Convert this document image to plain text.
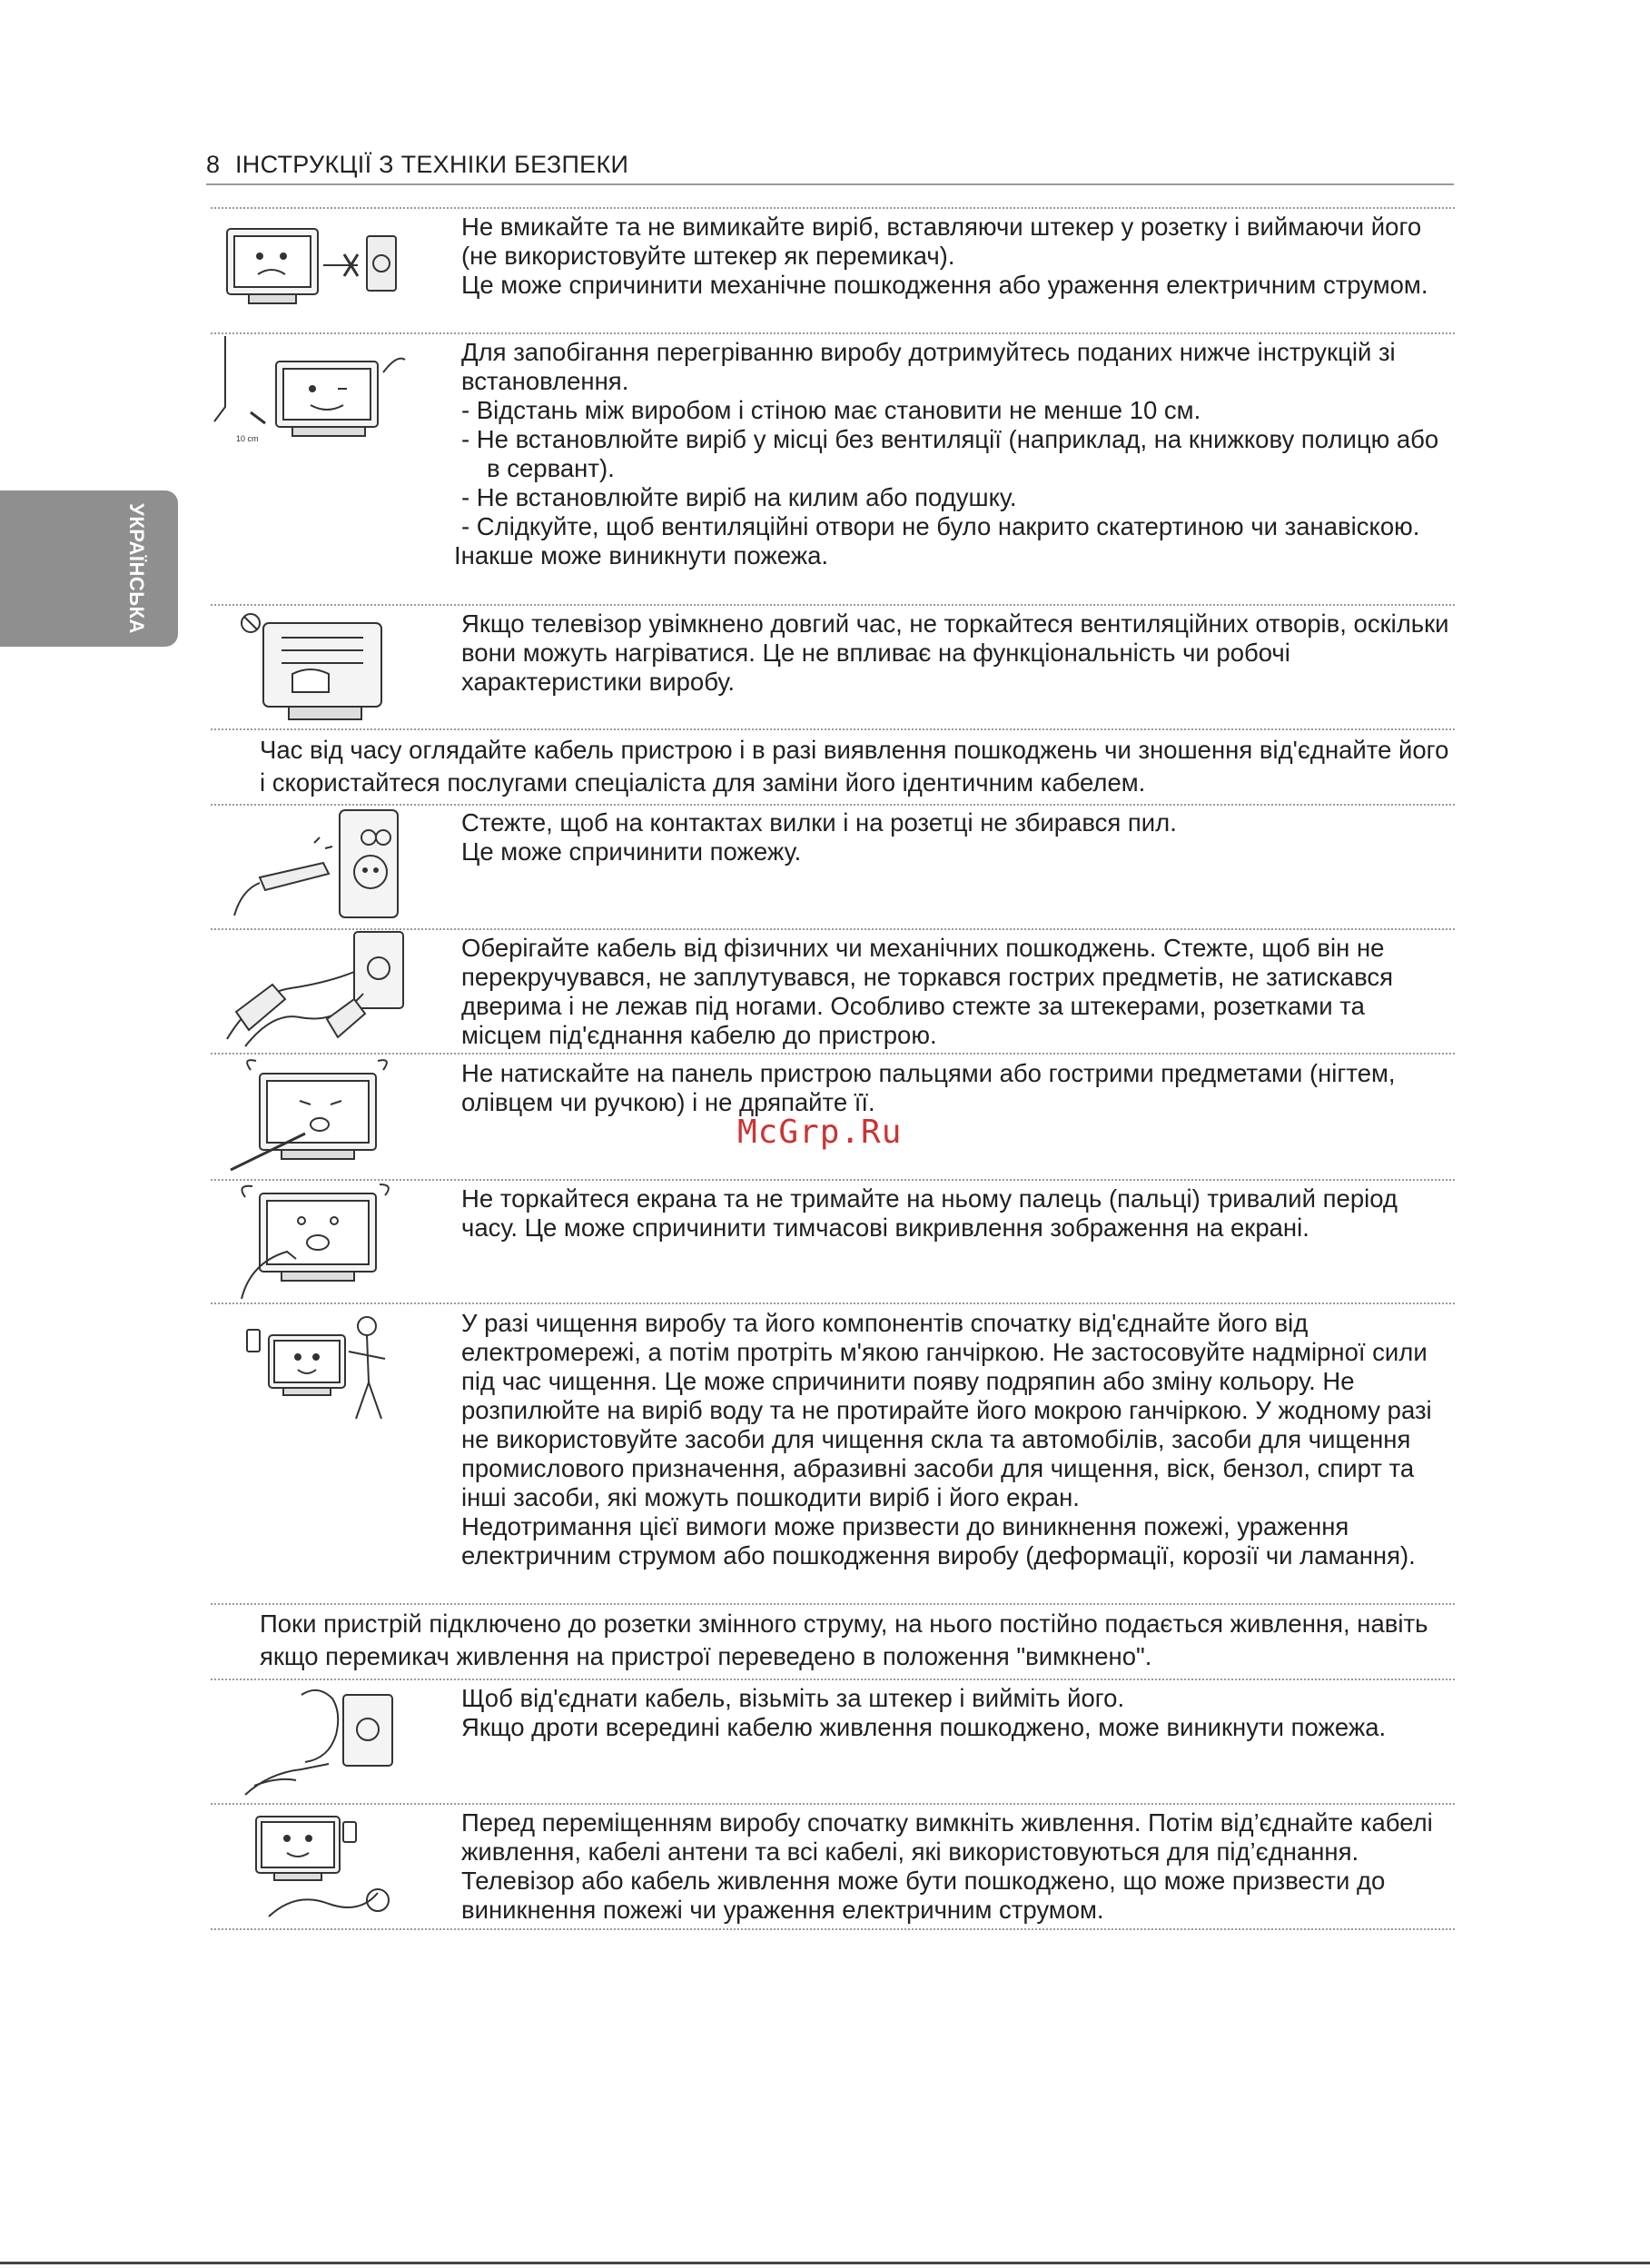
8 ІНСТРУКЦІЇ З ТЕХНІКИ БЕЗПЕКИ
УКРАЇНСЬКА

Не вмикайте та не вимикайте виріб, вставляючи штекер у розетку і виймаючи його (не використовуйте штекер як перемикач).

Це може спричинити механічне пошкодження або ураження електричним струмом.

10 cm

Для запобігання перегріванню виробу дотримуйтесь поданих нижче інструкцій зі встановлення.

- Відстань між виробом і стіною має становити не менше 10 см.

- Не встановлюйте виріб у місці без вентиляції (наприклад, на книжкову полицю або в сервант).

- Не встановлюйте виріб на килим або подушку.

- Слідкуйте, щоб вентиляційні отвори не було накрито скатертиною чи занавіскою.

Інакше може виникнути пожежа.

Якщо телевізор увімкнено довгий час, не торкайтеся вентиляційних отворів, оскільки вони можуть нагріватися. Це не впливає на функціональність чи робочі характеристики виробу.

Час від часу оглядайте кабель пристрою і в разі виявлення пошкоджень чи зношення від'єднайте його і скористайтеся послугами спеціаліста для заміни його ідентичним кабелем.

Стежте, щоб на контактах вилки і на розетці не збирався пил.

Це може спричинити пожежу.

Оберігайте кабель від фізичних чи механічних пошкоджень. Стежте, щоб він не перекручувався, не заплутувався, не торкався гострих предметів, не затискався дверима і не лежав під ногами. Особливо стежте за штекерами, розетками та місцем під'єднання кабелю до пристрою.

Не натискайте на панель пристрою пальцями або гострими предметами (нігтем, олівцем чи ручкою) і не дряпайте її.

McGrp.Ru

Не торкайтеся екрана та не тримайте на ньому палець (пальці) тривалий період часу. Це може спричинити тимчасові викривлення зображення на екрані.

У разі чищення виробу та його компонентів спочатку від'єднайте його від електромережі, а потім протріть м'якою ганчіркою. Не застосовуйте надмірної сили під час чищення. Це може спричинити появу подряпин або зміну кольору. Не розпилюйте на виріб воду та не протирайте його мокрою ганчіркою. У жодному разі не використовуйте засоби для чищення скла та автомобілів, засоби для чищення промислового призначення, абразивні засоби для чищення, віск, бензол, спирт та інші засоби, які можуть пошкодити виріб і його екран.

Недотримання цієї вимоги може призвести до виникнення пожежі, ураження електричним струмом або пошкодження виробу (деформації, корозії чи ламання).

Поки пристрій підключено до розетки змінного струму, на нього постійно подається живлення, навіть якщо перемикач живлення на пристрої переведено в положення "вимкнено".

Щоб від'єднати кабель, візьміть за штекер і вийміть його.

Якщо дроти всередині кабелю живлення пошкоджено, може виникнути пожежа.

Перед переміщенням виробу спочатку вимкніть живлення. Потім від’єднайте кабелі живлення, кабелі антени та всі кабелі, які використовуються для під’єднання. Телевізор або кабель живлення може бути пошкоджено, що може призвести до виникнення пожежі чи ураження електричним струмом.
